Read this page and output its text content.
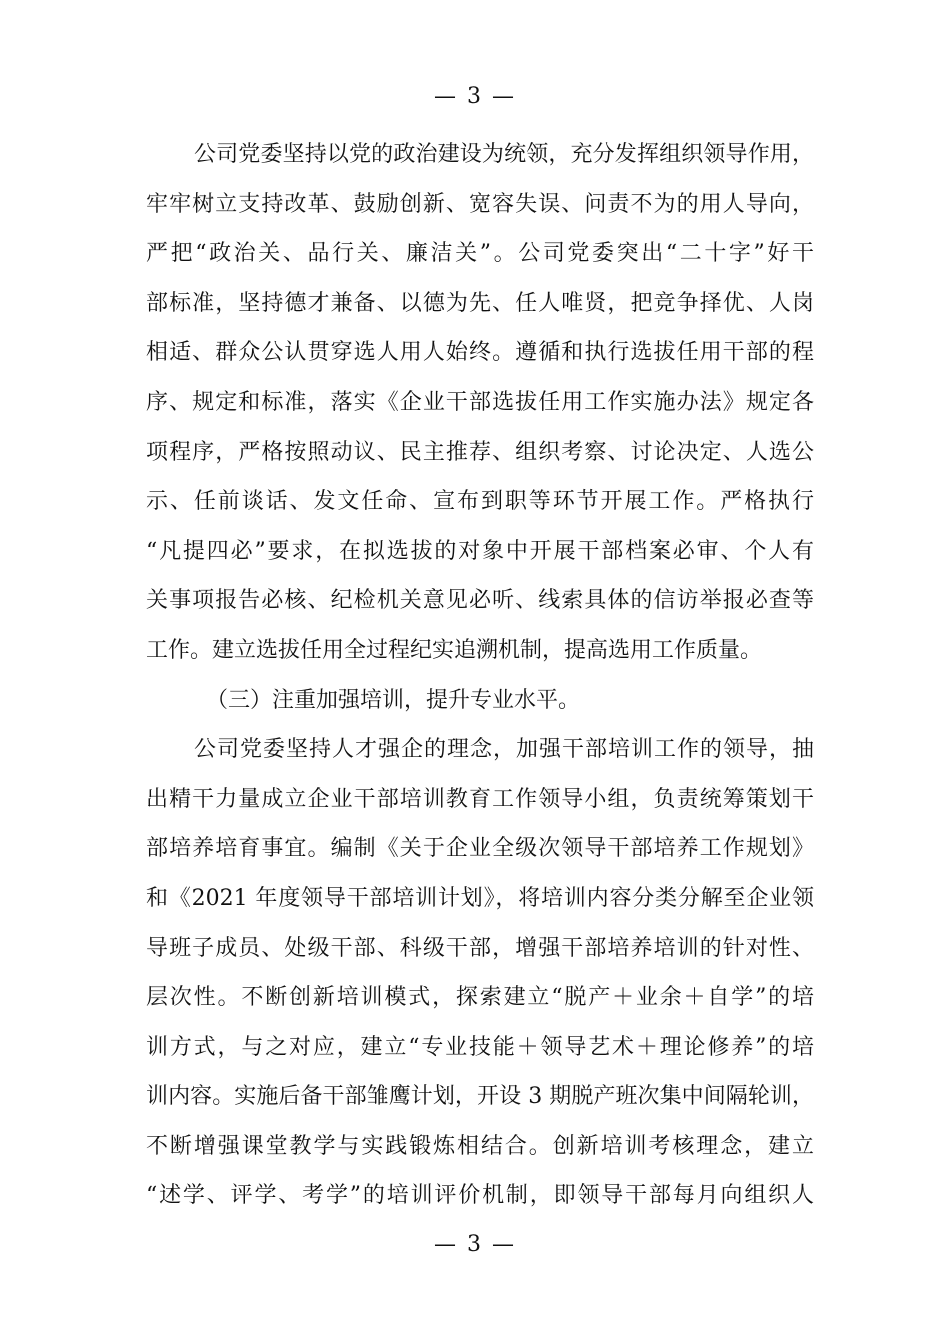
— 3 —
公司党委坚持以党的政治建设为统领，充分发挥组织领导作用，
牢牢树立支持改革、鼓励创新、宽容失误、问责不为的用人导向，
严把“政治关、品行关、廉洁关”。公司党委突出“二十字”好干
部标准，坚持德才兼备、以德为先、任人唯贤，把竞争择优、人岗
相适、群众公认贯穿选人用人始终。遵循和执行选拔任用干部的程
序、规定和标准，落实《企业干部选拔任用工作实施办法》规定各
项程序，严格按照动议、民主推荐、组织考察、讨论决定、人选公
示、任前谈话、发文任命、宣布到职等环节开展工作。严格执行
“凡提四必”要求，在拟选拔的对象中开展干部档案必审、个人有
关事项报告必核、纪检机关意见必听、线索具体的信访举报必查等
工作。建立选拔任用全过程纪实追溯机制，提高选用工作质量。
（三）注重加强培训，提升专业水平。
公司党委坚持人才强企的理念，加强干部培训工作的领导，抽
出精干力量成立企业干部培训教育工作领导小组，负责统筹策划干
部培养培育事宜。编制《关于企业全级次领导干部培养工作规划》
和《2021 年度领导干部培训计划》，将培训内容分类分解至企业领
导班子成员、处级干部、科级干部，增强干部培养培训的针对性、
层次性。不断创新培训模式，探索建立“脱产＋业余＋自学”的培
训方式，与之对应，建立“专业技能＋领导艺术＋理论修养”的培
训内容。实施后备干部雏鹰计划，开设 3 期脱产班次集中间隔轮训，
不断增强课堂教学与实践锻炼相结合。创新培训考核理念，建立
“述学、评学、考学”的培训评价机制，即领导干部每月向组织人
— 3 —
